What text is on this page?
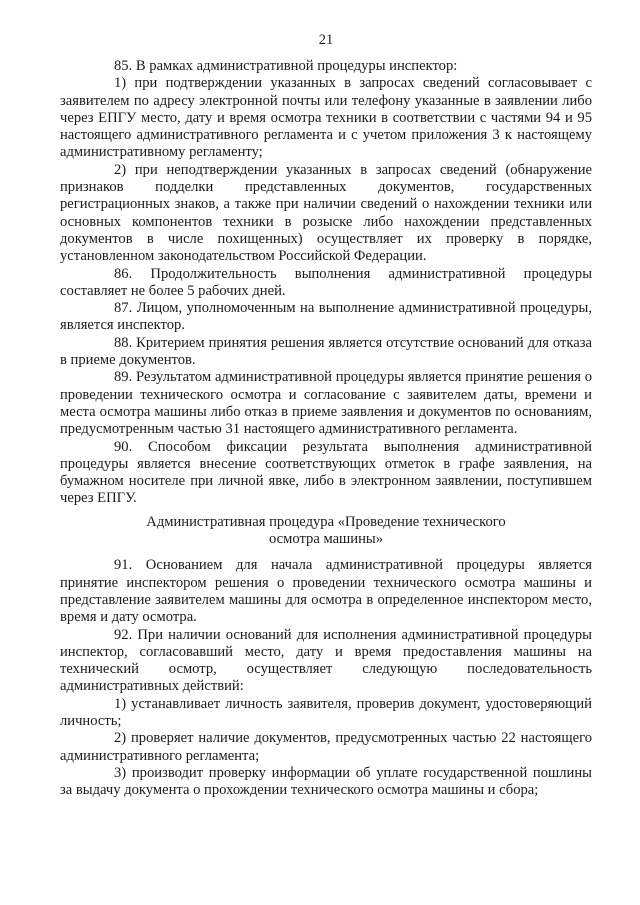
21

85. В рамках административной процедуры инспектор:

1) при подтверждении указанных в запросах сведений согласовывает с заявителем по адресу электронной почты или телефону указанные в заявлении либо через ЕПГУ место, дату и время осмотра техники в соответствии с частями 94 и 95 настоящего административного регламента и с учетом приложения 3 к настоящему административному регламенту;

2) при неподтверждении указанных в запросах сведений (обнаружение признаков подделки представленных документов, государственных регистрационных знаков, а также при наличии сведений о нахождении техники или основных компонентов техники в розыске либо нахождении представленных документов в числе похищенных) осуществляет их проверку в порядке, установленном законодательством Российской Федерации.

86. Продолжительность выполнения административной процедуры составляет не более 5 рабочих дней.

87. Лицом, уполномоченным на выполнение административной процедуры, является инспектор.

88. Критерием принятия решения является отсутствие оснований для отказа в приеме документов.

89. Результатом административной процедуры является принятие решения о проведении технического осмотра и согласование с заявителем даты, времени и места осмотра машины либо отказ в приеме заявления и документов по основаниям, предусмотренным частью 31 настоящего административного регламента.

90. Способом фиксации результата выполнения административной процедуры является внесение соответствующих отметок в графе заявления, на бумажном носителе при личной явке, либо в электронном заявлении, поступившем через ЕПГУ.

Административная процедура «Проведение технического
осмотра машины»

91. Основанием для начала административной процедуры является принятие инспектором решения о проведении технического осмотра машины и представление заявителем машины для осмотра в определенное инспектором место, время и дату осмотра.

92. При наличии оснований для исполнения административной процедуры инспектор, согласовавший место, дату и время предоставления машины на технический осмотр, осуществляет следующую последовательность административных действий:

1) устанавливает личность заявителя, проверив документ, удостоверяющий личность;

2) проверяет наличие документов, предусмотренных частью 22 настоящего административного регламента;

3) производит проверку информации об уплате государственной пошлины за выдачу документа о прохождении технического осмотра машины и сбора;
